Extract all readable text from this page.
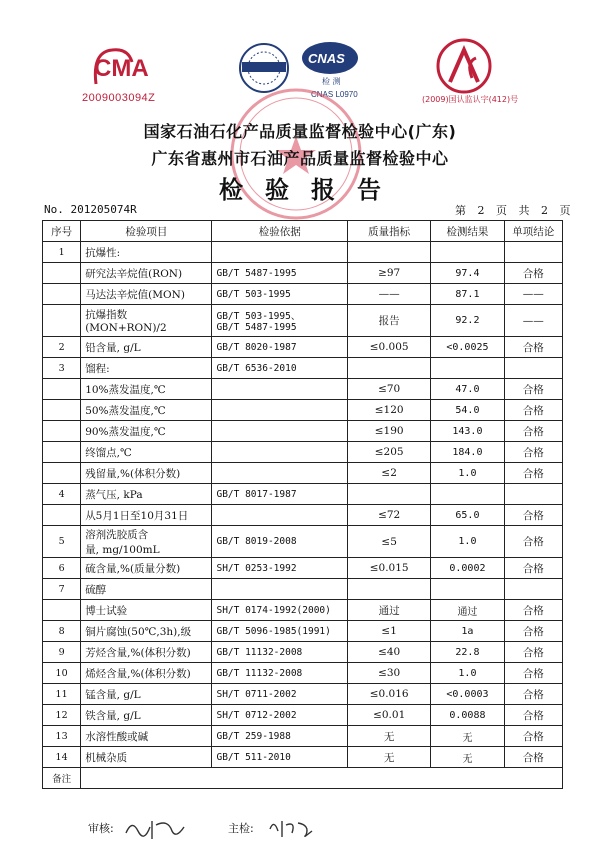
CMA
2009003094Z
CNAS
检 测
CNAS L0970
(2009)国认监认字(412)号
国家石油石化产品质量监督检验中心(广东)
广东省惠州市石油产品质量监督检验中心
检验报告
No. 201205074R	第 2 页 共 2 页
序号	检验项目	检验依据	质量指标	检测结果	单项结论
1	抗爆性:				
	研究法辛烷值(RON)	GB/T 5487-1995	≥97	97.4	合格
	马达法辛烷值(MON)	GB/T 503-1995	——	87.1	——
	抗爆指数(MON+RON)/2	GB/T 503-1995、
GB/T 5487-1995	报告	92.2	——
2	铅含量, g/L	GB/T 8020-1987	≤0.005	<0.0025	合格
3	馏程:	GB/T 6536-2010			
	10%蒸发温度,℃		≤70	47.0	合格
	50%蒸发温度,℃		≤120	54.0	合格
	90%蒸发温度,℃		≤190	143.0	合格
	终馏点,℃		≤205	184.0	合格
	残留量,%(体积分数)		≤2	1.0	合格
4	蒸气压, kPa	GB/T 8017-1987			
	从5月1日至10月31日		≤72	65.0	合格
5	溶剂洗胶质含
量, mg/100mL	GB/T 8019-2008	≤5	1.0	合格
6	硫含量,%(质量分数)	SH/T 0253-1992	≤0.015	0.0002	合格
7	硫醇				
	博士试验	SH/T 0174-1992(2000)	通过	通过	合格
8	铜片腐蚀(50℃,3h),级	GB/T 5096-1985(1991)	≤1	1a	合格
9	芳烃含量,%(体积分数)	GB/T 11132-2008	≤40	22.8	合格
10	烯烃含量,%(体积分数)	GB/T 11132-2008	≤30	1.0	合格
11	锰含量, g/L	SH/T 0711-2002	≤0.016	<0.0003	合格
12	铁含量, g/L	SH/T 0712-2002	≤0.01	0.0088	合格
13	水溶性酸或碱	GB/T 259-1988	无	无	合格
14	机械杂质	GB/T 511-2010	无	无	合格
备注					
审核:	主检:
